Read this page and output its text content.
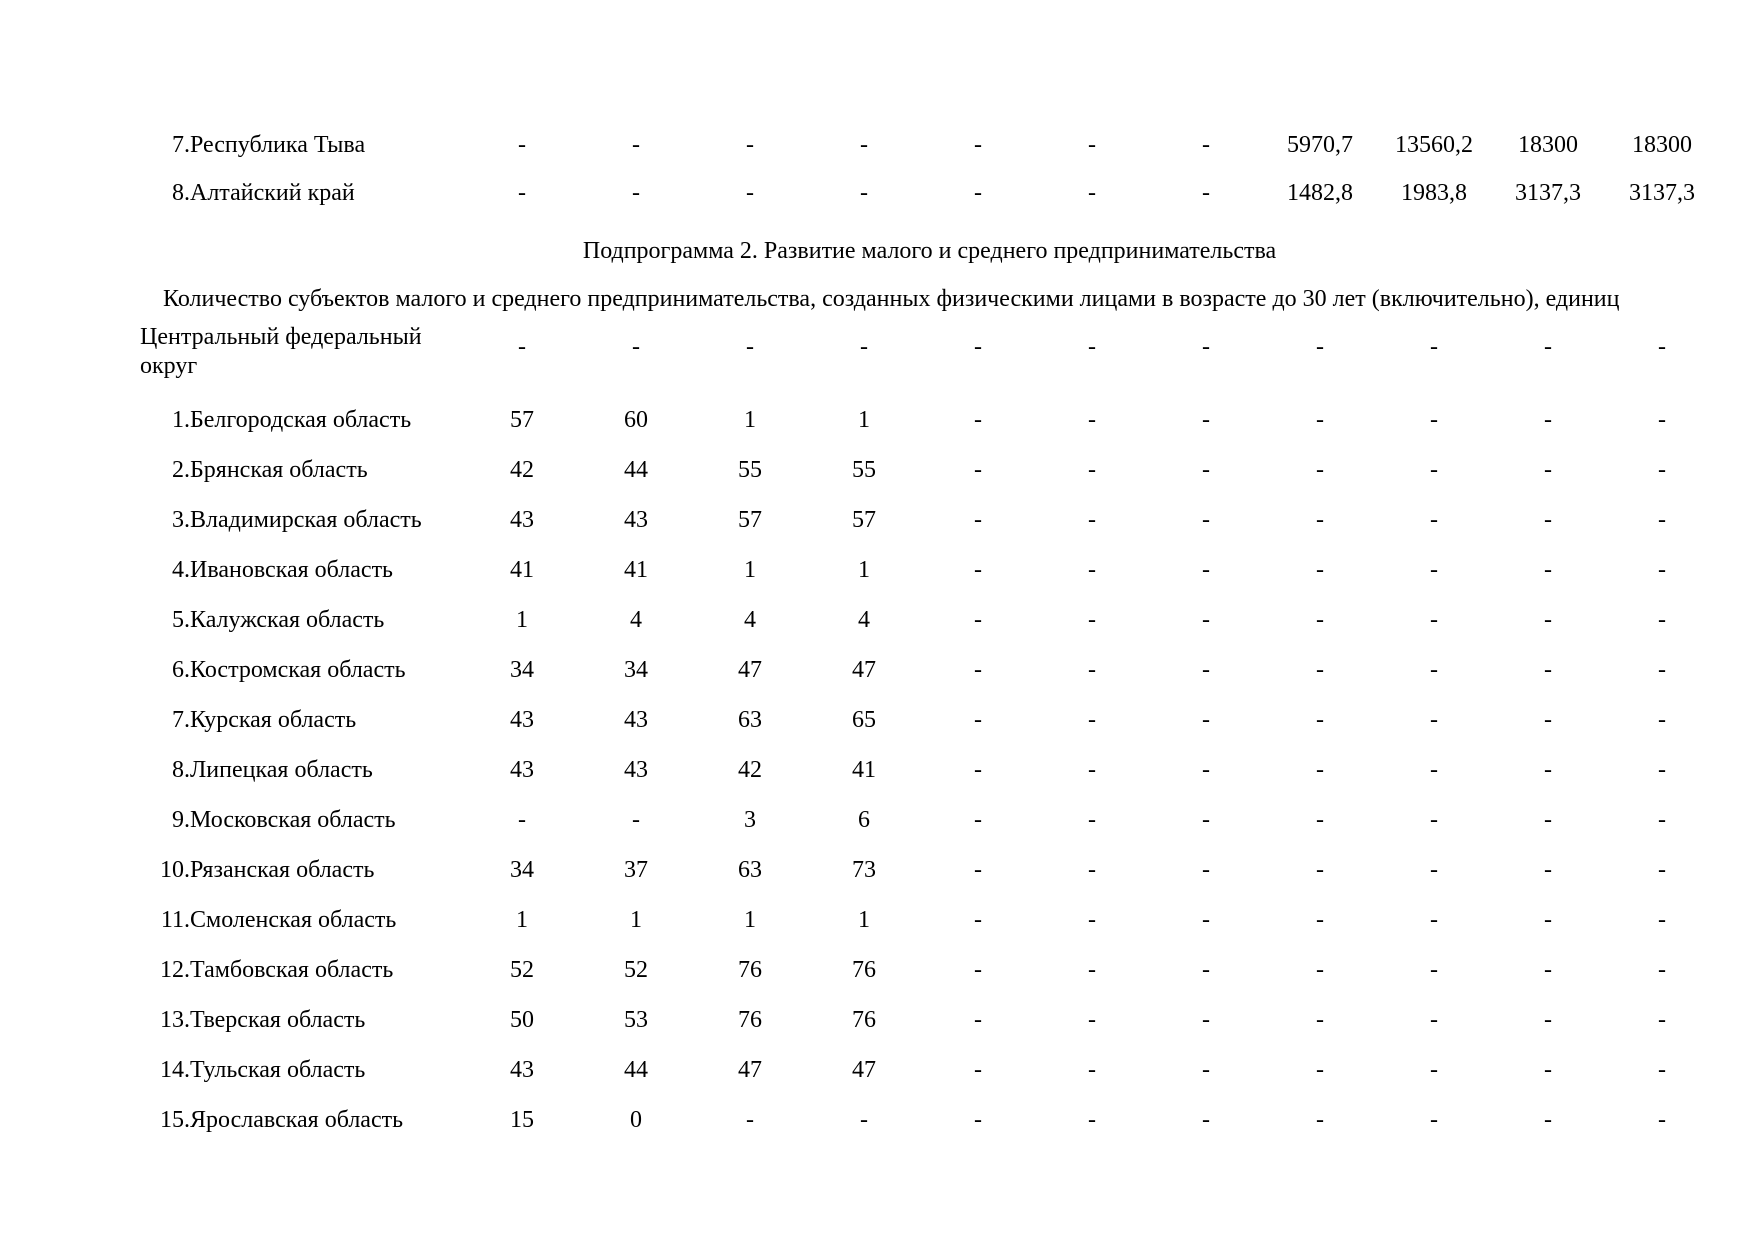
7.	Республика Тыва	-	-	-	-	-	-	-	5970,7	13560,2	18300	18300
8.	Алтайский край	-	-	-	-	-	-	-	1482,8	1983,8	3137,3	3137,3
Подпрограмма 2. Развитие малого и среднего предпринимательства
Количество субъектов малого и среднего предпринимательства, созданных физическими лицами в возрасте до 30 лет (включительно), единиц
Центральный федеральный округ		-	-	-	-	-	-	-	-	-	-	-
1.	Белгородская область	57	60	1	1	-	-	-	-	-	-	-
2.	Брянская область	42	44	55	55	-	-	-	-	-	-	-
3.	Владимирская область	43	43	57	57	-	-	-	-	-	-	-
4.	Ивановская область	41	41	1	1	-	-	-	-	-	-	-
5.	Калужская область	1	4	4	4	-	-	-	-	-	-	-
6.	Костромская область	34	34	47	47	-	-	-	-	-	-	-
7.	Курская область	43	43	63	65	-	-	-	-	-	-	-
8.	Липецкая область	43	43	42	41	-	-	-	-	-	-	-
9.	Московская область	-	-	3	6	-	-	-	-	-	-	-
10.	Рязанская область	34	37	63	73	-	-	-	-	-	-	-
11.	Смоленская область	1	1	1	1	-	-	-	-	-	-	-
12.	Тамбовская область	52	52	76	76	-	-	-	-	-	-	-
13.	Тверская область	50	53	76	76	-	-	-	-	-	-	-
14.	Тульская область	43	44	47	47	-	-	-	-	-	-	-
15.	Ярославская область	15	0	-	-	-	-	-	-	-	-	-
